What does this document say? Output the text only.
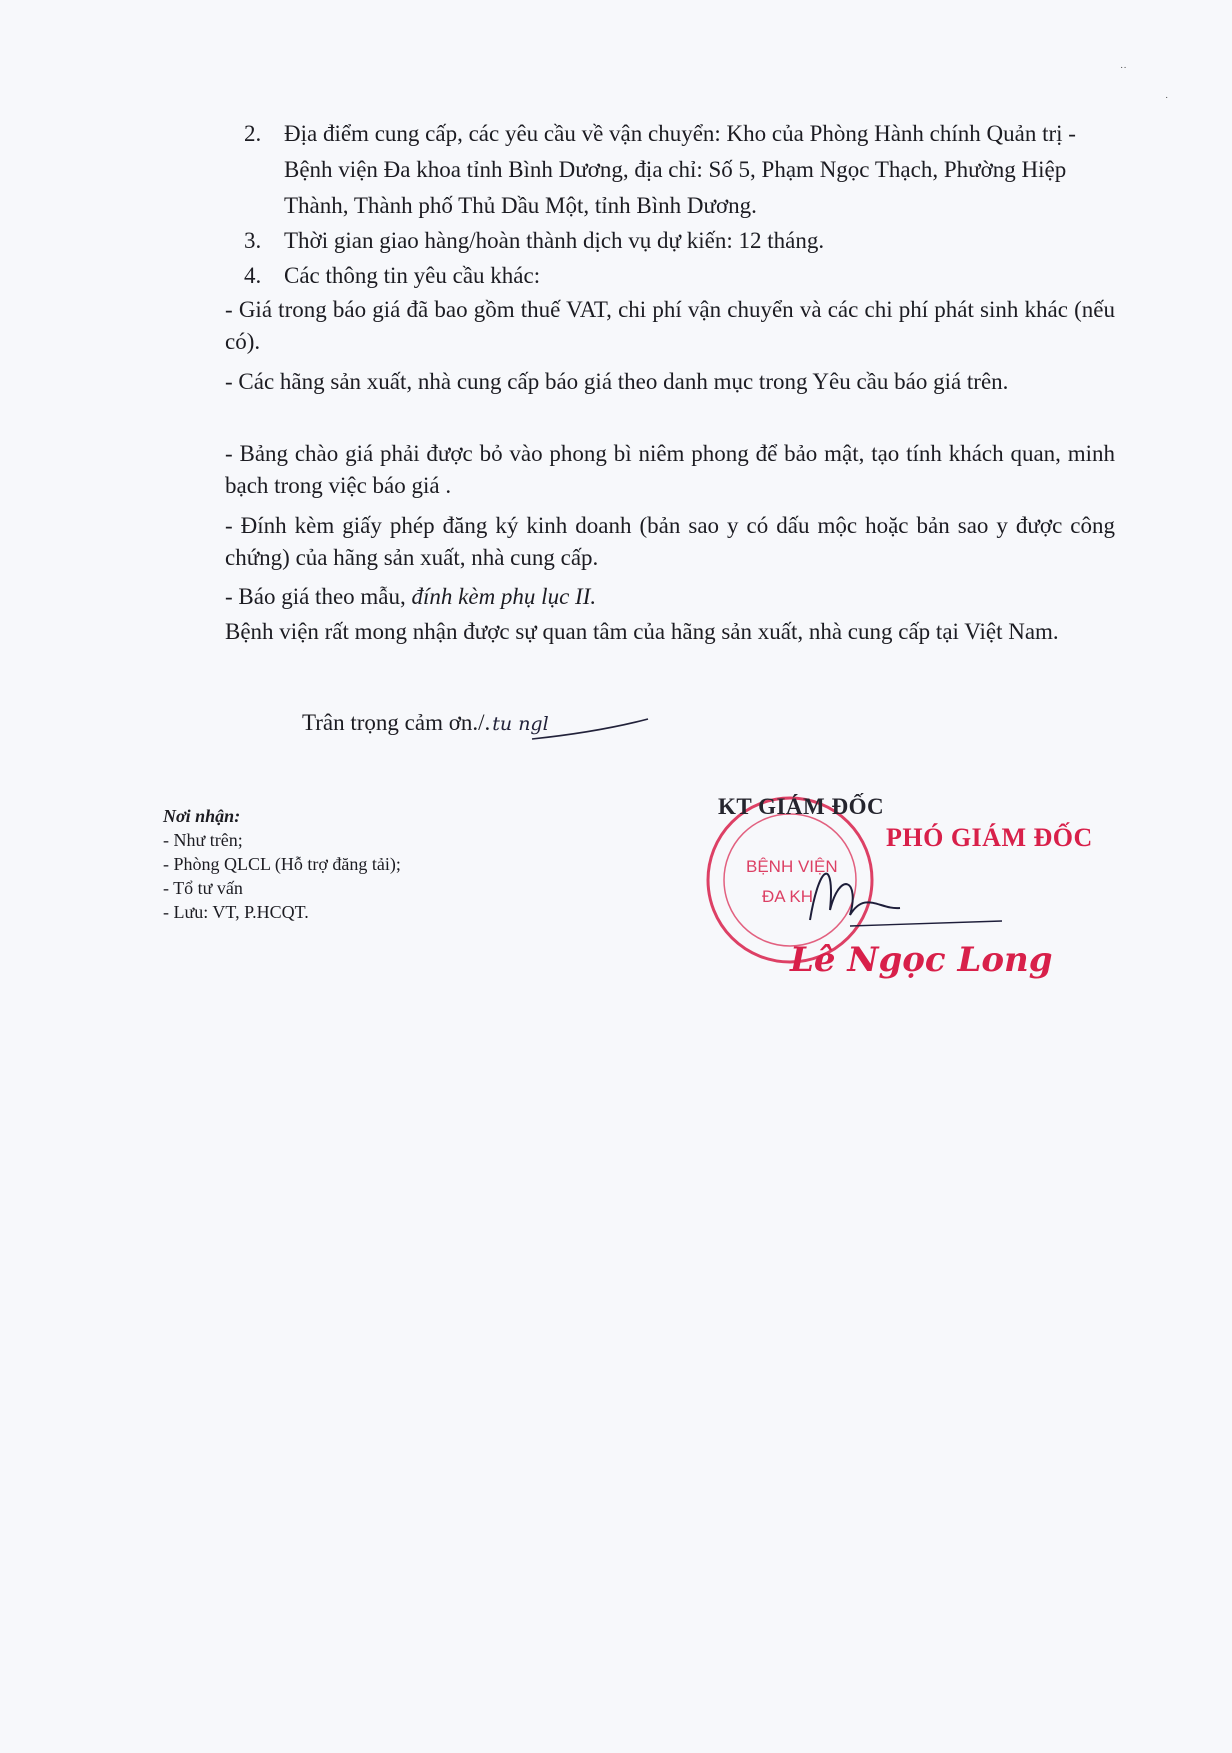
˙˙
˙
2. Địa điểm cung cấp, các yêu cầu về vận chuyển: Kho của Phòng Hành chính Quản trị - Bệnh viện Đa khoa tỉnh Bình Dương, địa chỉ: Số 5, Phạm Ngọc Thạch, Phường Hiệp Thành, Thành phố Thủ Dầu Một, tỉnh Bình Dương.
3. Thời gian giao hàng/hoàn thành dịch vụ dự kiến: 12 tháng.
4. Các thông tin yêu cầu khác:
- Giá trong báo giá đã bao gồm thuế VAT, chi phí vận chuyển và các chi phí phát sinh khác (nếu có).
- Các hãng sản xuất, nhà cung cấp báo giá theo danh mục trong Yêu cầu báo giá trên.
- Bảng chào giá phải được bỏ vào phong bì niêm phong để bảo mật, tạo tính khách quan, minh bạch trong việc báo giá .
- Đính kèm giấy phép đăng ký kinh doanh (bản sao y có dấu mộc hoặc bản sao y được công chứng) của hãng sản xuất, nhà cung cấp.
- Báo giá theo mẫu, đính kèm phụ lục II.
Bệnh viện rất mong nhận được sự quan tâm của hãng sản xuất, nhà cung cấp tại Việt Nam.
Trân trọng cảm ơn./. tu ngl
Nơi nhận:
- Như trên;
- Phòng QLCL (Hỗ trợ đăng tải);
- Tổ tư vấn
- Lưu: VT, P.HCQT.
BỆNH VIỆN
ĐA KH
KT GIÁM ĐỐC
PHÓ GIÁM ĐỐC
Lê Ngọc Long
